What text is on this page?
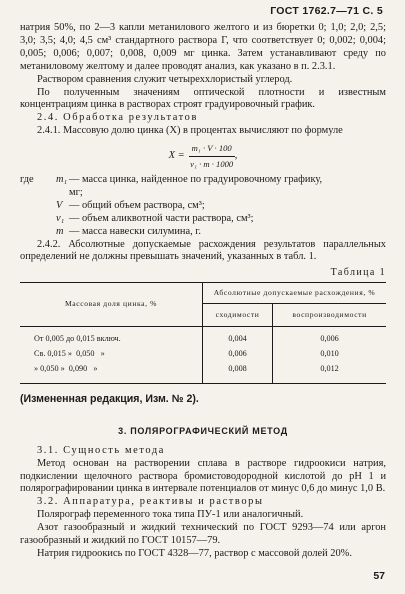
ГОСТ 1762.7—71 С. 5

натрия 50%, по 2—3 капли метанилового желтого и из бюретки 0; 1,0; 2,0; 2,5; 3,0; 3,5; 4,0; 4,5 см³ стандартного раствора Г, что соответствует 0; 0,002; 0,004; 0,005; 0,006; 0,007; 0,008, 0,009 мг цинка. Затем устанавливают среду по метаниловому желтому и далее проводят анализ, как указано в п. 2.3.1.

Раствором сравнения служит четыреххлористый углерод.

По полученным значениям оптической плотности и известным концентрациям цинка в растворах строят градуировочный график.

2.4. Обработка результатов

2.4.1. Массовую долю цинка (X) в процентах вычисляют по формуле

$X = \frac{\text{m₁ · V · 100}}{\text{v₁ · m · 1000}}$ ,
где	m₁ — масса цинка, найденное по градуировочному графику,
мг;
V — общий объем раствора, см³;
v₁ — объем аликвотной части раствора, см³;
m — масса навески силумина, г.

2.4.2. Абсолютные допускаемые расхождения результатов параллельных определений не должны превышать значений, указанных в табл. 1.

Таблица 1
Массовая доля цинка, %	Абсолютные допускаемые расхождения, %	
	сходимости	воспроизводимости
От 0,005 до 0,015 включ.	0,004	0,006
Св. 0,015 »  0,050   »	0,006	0,010
» 0,050 »  0,090   »	0,008	0,012

(Измененная редакция, Изм. № 2).

3. ПОЛЯРОГРАФИЧЕСКИЙ МЕТОД

3.1. Сущность метода

Метод основан на растворении сплава в растворе гидроокиси натрия, подкислении щелочного раствора бромистоводородной кислотой до pH 1 и полярографировании цинка в интервале потенциалов от минус 0,6 до минус 1,0 В.

3.2. Аппаратура, реактивы и растворы

Полярограф переменного тока типа ПУ-1 или аналогичный.

Азот газообразный и жидкий технический по ГОСТ 9293—74 или аргон газообразный и жидкий по ГОСТ 10157—79.

Натрия гидроокись по ГОСТ 4328—77, раствор с массовой долей 20%.

57
